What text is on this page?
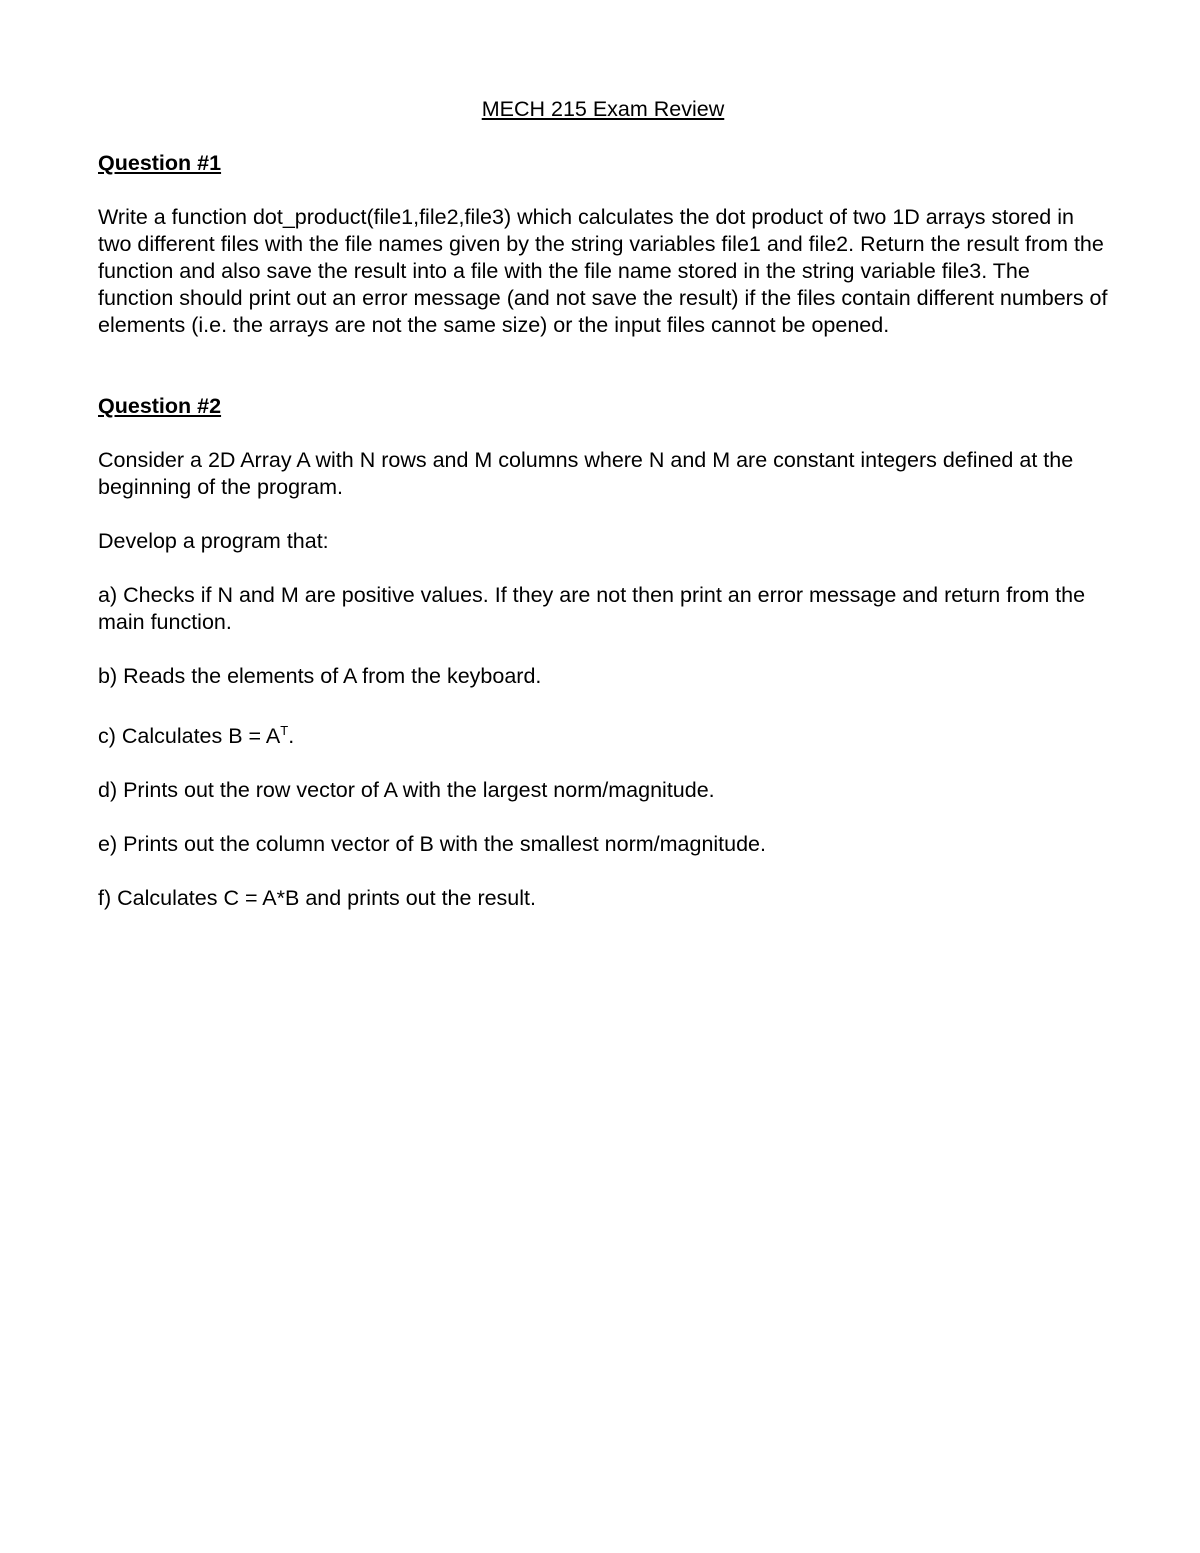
MECH 215 Exam Review
Question #1

Write a function dot_product(file1,file2,file3) which calculates the dot product of two 1D arrays stored in two different files with the file names given by the string variables file1 and file2. Return the result from the function and also save the result into a file with the file name stored in the string variable file3. The function should print out an error message (and not save the result) if the files contain different numbers of elements (i.e. the arrays are not the same size) or the input files cannot be opened.

Question #2

Consider a 2D Array A with N rows and M columns where N and M are constant integers defined at the beginning of the program.

Develop a program that:

a) Checks if N and M are positive values. If they are not then print an error message and return from the main function.

b) Reads the elements of A from the keyboard.

c) Calculates $B = A^T$.

d) Prints out the row vector of A with the largest norm/magnitude.

e) Prints out the column vector of B with the smallest norm/magnitude.

f) Calculates C = A*B and prints out the result.
